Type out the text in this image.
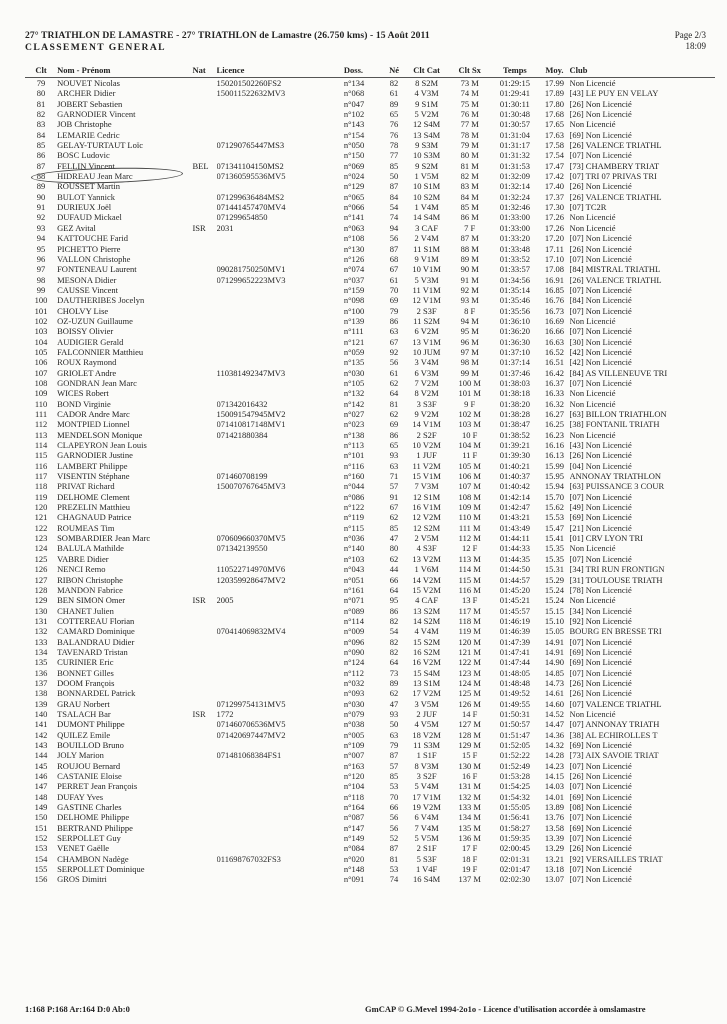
27° TRIATHLON DE LAMASTRE - 27° TRIATHLON de Lamastre (26.750 kms) - 15 Août 2011
CLASSEMENT GENERAL
Page 2/3
18:09
Clt	Nom - Prénom	Nat	Licence	Doss.	Né	Clt Cat	Clt Sx	Temps	Moy.	Club
79	NOUVET Nicolas		150201502260FS2	n°134	82	8 S2M	73 M	01:29:15	17.99	Non Licencié
80	ARCHER Didier		150011522632MV3	n°068	61	4 V3M	74 M	01:29:41	17.89	[43] LE PUY EN VELAY
81	JOBERT Sebastien			n°047	89	9 S1M	75 M	01:30:11	17.80	[26] Non Licencié
82	GARNODIER Vincent			n°102	65	5 V2M	76 M	01:30:48	17.68	[26] Non Licencié
83	JOB Christophe			n°143	76	12 S4M	77 M	01:30:57	17.65	Non Licencié
84	LEMARIE Cedric			n°154	76	13 S4M	78 M	01:31:04	17.63	[69] Non Licencié
85	GELAY-TURTAUT Loïc		071290765447MS3	n°050	78	9 S3M	79 M	01:31:17	17.58	[26] VALENCE TRIATHL
86	BOSC Ludovic			n°150	77	10 S3M	80 M	01:31:32	17.54	[07] Non Licencié
87	FELLIN Vincent	BEL	071341104150MS2	n°069	85	9 S2M	81 M	01:31:53	17.47	[73] CHAMBERY TRIAT
88	HIDREAU Jean Marc		071360595536MV5	n°024	50	1 V5M	82 M	01:32:09	17.42	[07] TRI 07 PRIVAS TRI
89	ROUSSET Martin			n°129	87	10 S1M	83 M	01:32:14	17.40	[26] Non Licencié
90	BULOT Yannick		071299636484MS2	n°065	84	10 S2M	84 M	01:32:24	17.37	[26] VALENCE TRIATHL
91	DURIEUX Joël		071441457470MV4	n°066	54	1 V4M	85 M	01:32:46	17.30	[07] TC2R
92	DUFAUD Mickael		071299654850	n°141	74	14 S4M	86 M	01:33:00	17.26	Non Licencié
93	GEZ Avital	ISR	2031	n°063	94	3 CAF	7 F	01:33:00	17.26	Non Licencié
94	KATTOUCHE Farid			n°108	56	2 V4M	87 M	01:33:20	17.20	[07] Non Licencié
95	PICHETTO Pierre			n°130	87	11 S1M	88 M	01:33:48	17.11	[26] Non Licencié
96	VALLON Christophe			n°126	68	9 V1M	89 M	01:33:52	17.10	[07] Non Licencié
97	FONTENEAU Laurent		090281750250MV1	n°074	67	10 V1M	90 M	01:33:57	17.08	[84] MISTRAL TRIATHL
98	MESONA Didier		071299652223MV3	n°037	61	5 V3M	91 M	01:34:56	16.91	[26] VALENCE TRIATHL
99	CAUSSE Vincent			n°159	70	11 V1M	92 M	01:35:14	16.85	[07] Non Licencié
100	DAUTHERIBES Jocelyn			n°098	69	12 V1M	93 M	01:35:46	16.76	[84] Non Licencié
101	CHOLVY Lise			n°100	79	2 S3F	8 F	01:35:56	16.73	[07] Non Licencié
102	OZ-UZUN Guillaume			n°139	86	11 S2M	94 M	01:36:10	16.69	Non Licencié
103	BOISSY Olivier			n°111	63	6 V2M	95 M	01:36:20	16.66	[07] Non Licencié
104	AUDIGIER Gerald			n°121	67	13 V1M	96 M	01:36:30	16.63	[30] Non Licencié
105	FALCONNIER Matthieu			n°059	92	10 JUM	97 M	01:37:10	16.52	[42] Non Licencié
106	ROUX Raymond			n°135	56	3 V4M	98 M	01:37:14	16.51	[42] Non Licencié
107	GRIOLET Andre		110381492347MV3	n°030	61	6 V3M	99 M	01:37:46	16.42	[84] AS VILLENEUVE TRI
108	GONDRAN Jean Marc			n°105	62	7 V2M	100 M	01:38:03	16.37	[07] Non Licencié
109	WICES Robert			n°132	64	8 V2M	101 M	01:38:18	16.33	Non Licencié
110	BOND Virginie		071342016432	n°142	81	3 S3F	9 F	01:38:20	16.32	Non Licencié
111	CADOR Andre Marc		150091547945MV2	n°027	62	9 V2M	102 M	01:38:28	16.27	[63] BILLON TRIATHLON
112	MONTPIED Lionnel		071410817148MV1	n°023	69	14 V1M	103 M	01:38:47	16.25	[38] FONTANIL TRIATH
113	MENDELSON Monique		071421880384	n°138	86	2 S2F	10 F	01:38:52	16.23	Non Licencié
114	CLAPEYRON Jean Louis			n°113	65	10 V2M	104 M	01:39:21	16.16	[43] Non Licencié
115	GARNODIER Justine			n°101	93	1 JUF	11 F	01:39:30	16.13	[26] Non Licencié
116	LAMBERT Philippe			n°116	63	11 V2M	105 M	01:40:21	15.99	[04] Non Licencié
117	VISENTIN Stéphane		071460708199	n°160	71	15 V1M	106 M	01:40:37	15.95	ANNONAY TRIATHLON
118	PRIVAT Richard		150070767645MV3	n°044	57	7 V3M	107 M	01:40:42	15.94	[63] PUISSANCE 3 COUR
119	DELHOME Clement			n°086	91	12 S1M	108 M	01:42:14	15.70	[07] Non Licencié
120	PREZELIN Matthieu			n°122	67	16 V1M	109 M	01:42:47	15.62	[49] Non Licencié
121	CHAGNAUD Patrice			n°119	62	12 V2M	110 M	01:43:21	15.53	[69] Non Licencié
122	ROUMEAS Tim			n°115	85	12 S2M	111 M	01:43:49	15.47	[21] Non Licencié
123	SOMBARDIER Jean Marc		070609660370MV5	n°036	47	2 V5M	112 M	01:44:11	15.41	[01] CRV LYON TRI
124	BALULA Mathilde		071342139550	n°140	80	4 S3F	12 F	01:44:33	15.35	Non Licencié
125	VABRE Didier			n°103	62	13 V2M	113 M	01:44:35	15.35	[07] Non Licencié
126	NENCI Remo		110522714970MV6	n°043	44	1 V6M	114 M	01:44:50	15.31	[34] TRI RUN FRONTIGN
127	RIBON Christophe		120359928647MV2	n°051	66	14 V2M	115 M	01:44:57	15.29	[31] TOULOUSE TRIATH
128	MANDON Fabrice			n°161	64	15 V2M	116 M	01:45:20	15.24	[78] Non Licencié
129	BEN SIMON Omer	ISR	2005	n°071	95	4 CAF	13 F	01:45:21	15.24	Non Licencié
130	CHANET Julien			n°089	86	13 S2M	117 M	01:45:57	15.15	[34] Non Licencié
131	COTTEREAU Florian			n°114	82	14 S2M	118 M	01:46:19	15.10	[92] Non Licencié
132	CAMARD Dominique		070414069832MV4	n°009	54	4 V4M	119 M	01:46:39	15.05	BOURG EN BRESSE TRI
133	BALANDRAU Didier			n°096	82	15 S2M	120 M	01:47:39	14.91	[07] Non Licencié
134	TAVENARD Tristan			n°090	82	16 S2M	121 M	01:47:41	14.91	[69] Non Licencié
135	CURINIER Eric			n°124	64	16 V2M	122 M	01:47:44	14.90	[69] Non Licencié
136	BONNET Gilles			n°112	73	15 S4M	123 M	01:48:05	14.85	[07] Non Licencié
137	DOOM François			n°032	89	13 S1M	124 M	01:48:48	14.73	[26] Non Licencié
138	BONNARDEL Patrick			n°093	62	17 V2M	125 M	01:49:52	14.61	[26] Non Licencié
139	GRAU Norbert		071299754131MV5	n°030	47	3 V5M	126 M	01:49:55	14.60	[07] VALENCE TRIATHL
140	TSALACH Bar	ISR	1772	n°079	93	2 JUF	14 F	01:50:31	14.52	Non Licencié
141	DUMONT Philippe		071460706536MV5	n°038	50	4 V5M	127 M	01:50:57	14.47	[07] ANNONAY TRIATH
142	QUILEZ Emile		071420697447MV2	n°005	63	18 V2M	128 M	01:51:47	14.36	[38] AL ECHIROLLES T
143	BOUILLOD Bruno			n°109	79	11 S3M	129 M	01:52:05	14.32	[69] Non Licencié
144	JOLY Marion		071481068384FS1	n°007	87	1 S1F	15 F	01:52:22	14.28	[73] AIX SAVOIE TRIAT
145	ROUJOU Bernard			n°163	57	8 V3M	130 M	01:52:49	14.23	[07] Non Licencié
146	CASTANIE Eloise			n°120	85	3 S2F	16 F	01:53:28	14.15	[26] Non Licencié
147	PERRET Jean François			n°104	53	5 V4M	131 M	01:54:25	14.03	[07] Non Licencié
148	DUFAY Yves			n°118	70	17 V1M	132 M	01:54:32	14.01	[69] Non Licencié
149	GASTINE Charles			n°164	66	19 V2M	133 M	01:55:05	13.89	[08] Non Licencié
150	DELHOME Philippe			n°087	56	6 V4M	134 M	01:56:41	13.76	[07] Non Licencié
151	BERTRAND Philippe			n°147	56	7 V4M	135 M	01:58:27	13.58	[69] Non Licencié
152	SERPOLLET Guy			n°149	52	5 V5M	136 M	01:59:35	13.39	[07] Non Licencié
153	VENET Gaëlle			n°084	87	2 S1F	17 F	02:00:45	13.29	[26] Non Licencié
154	CHAMBON Nadège		011698767032FS3	n°020	81	5 S3F	18 F	02:01:31	13.21	[92] VERSAILLES TRIAT
155	SERPOLLET Dominique			n°148	53	1 V4F	19 F	02:01:47	13.18	[07] Non Licencié
156	GROS Dimitri			n°091	74	16 S4M	137 M	02:02:30	13.07	[07] Non Licencié
1:168 P:168 Ar:164 D:0 Ab:0	GmCAP © G.Mevel 1994-2o1o - Licence d'utilisation accordée à omslamastre
